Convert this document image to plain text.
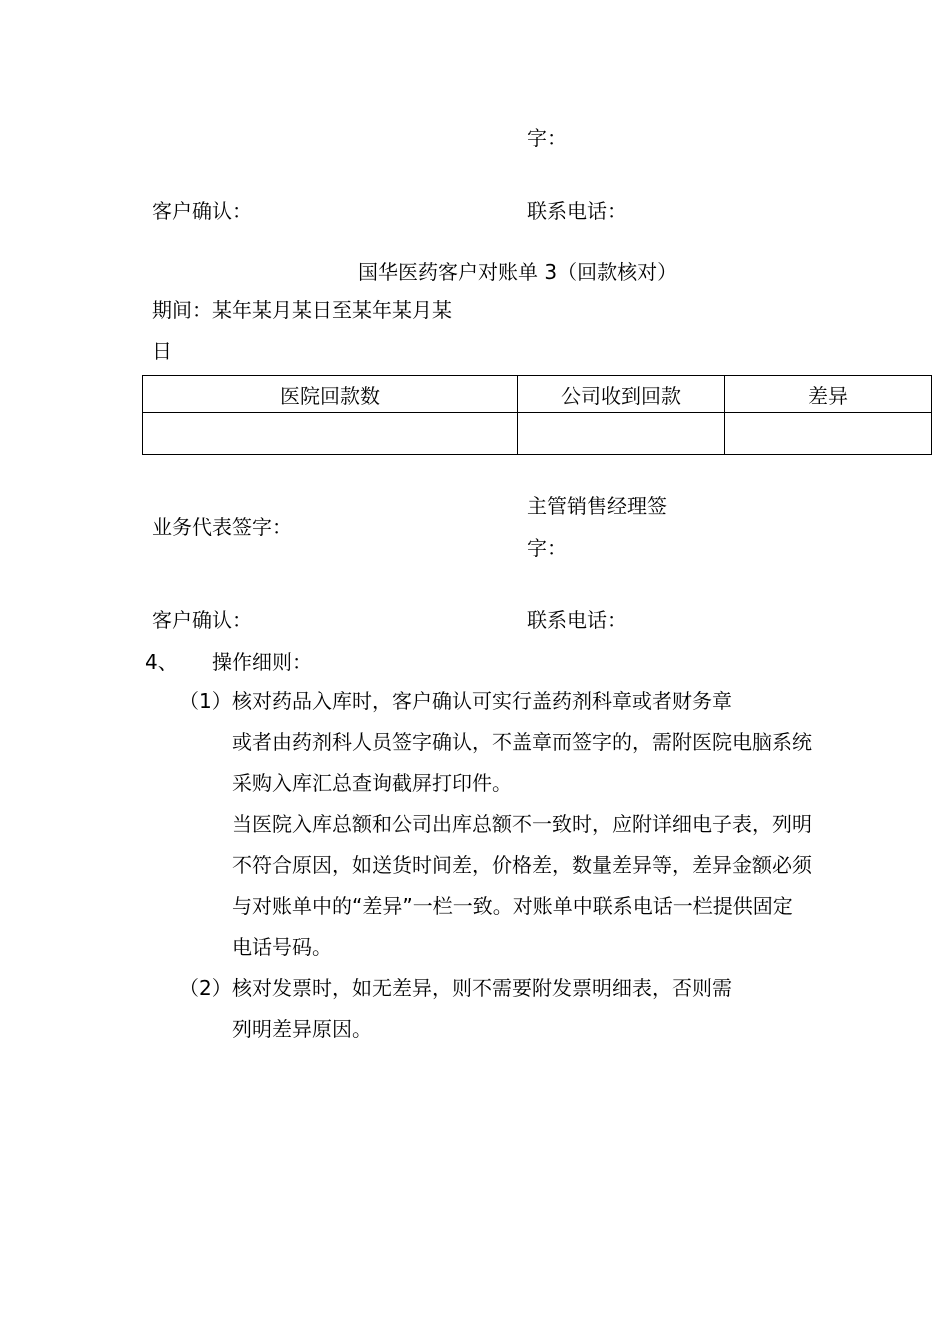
字：
客户确认：	联系电话：
国华医药客户对账单 3（回款核对）
期间：某年某月某日至某年某月某
日
医院回款数	公司收到回款	差异

业务代表签字：
主管销售经理签
字：
客户确认：	联系电话：
4、 操作细则：
（1） 核对药品入库时，客户确认可实行盖药剂科章或者财务章
或者由药剂科人员签字确认，不盖章而签字的，需附医院电脑系统采购入库汇总查询截屏打印件。
当医院入库总额和公司出库总额不一致时，应附详细电子表，列明不符合原因，如送货时间差，价格差，数量差异等，差异金额必须与对账单中的“差异”一栏一致。对账单中联系电话一栏提供固定电话号码。
（2） 核对发票时，如无差异，则不需要附发票明细表，否则需
列明差异原因。
